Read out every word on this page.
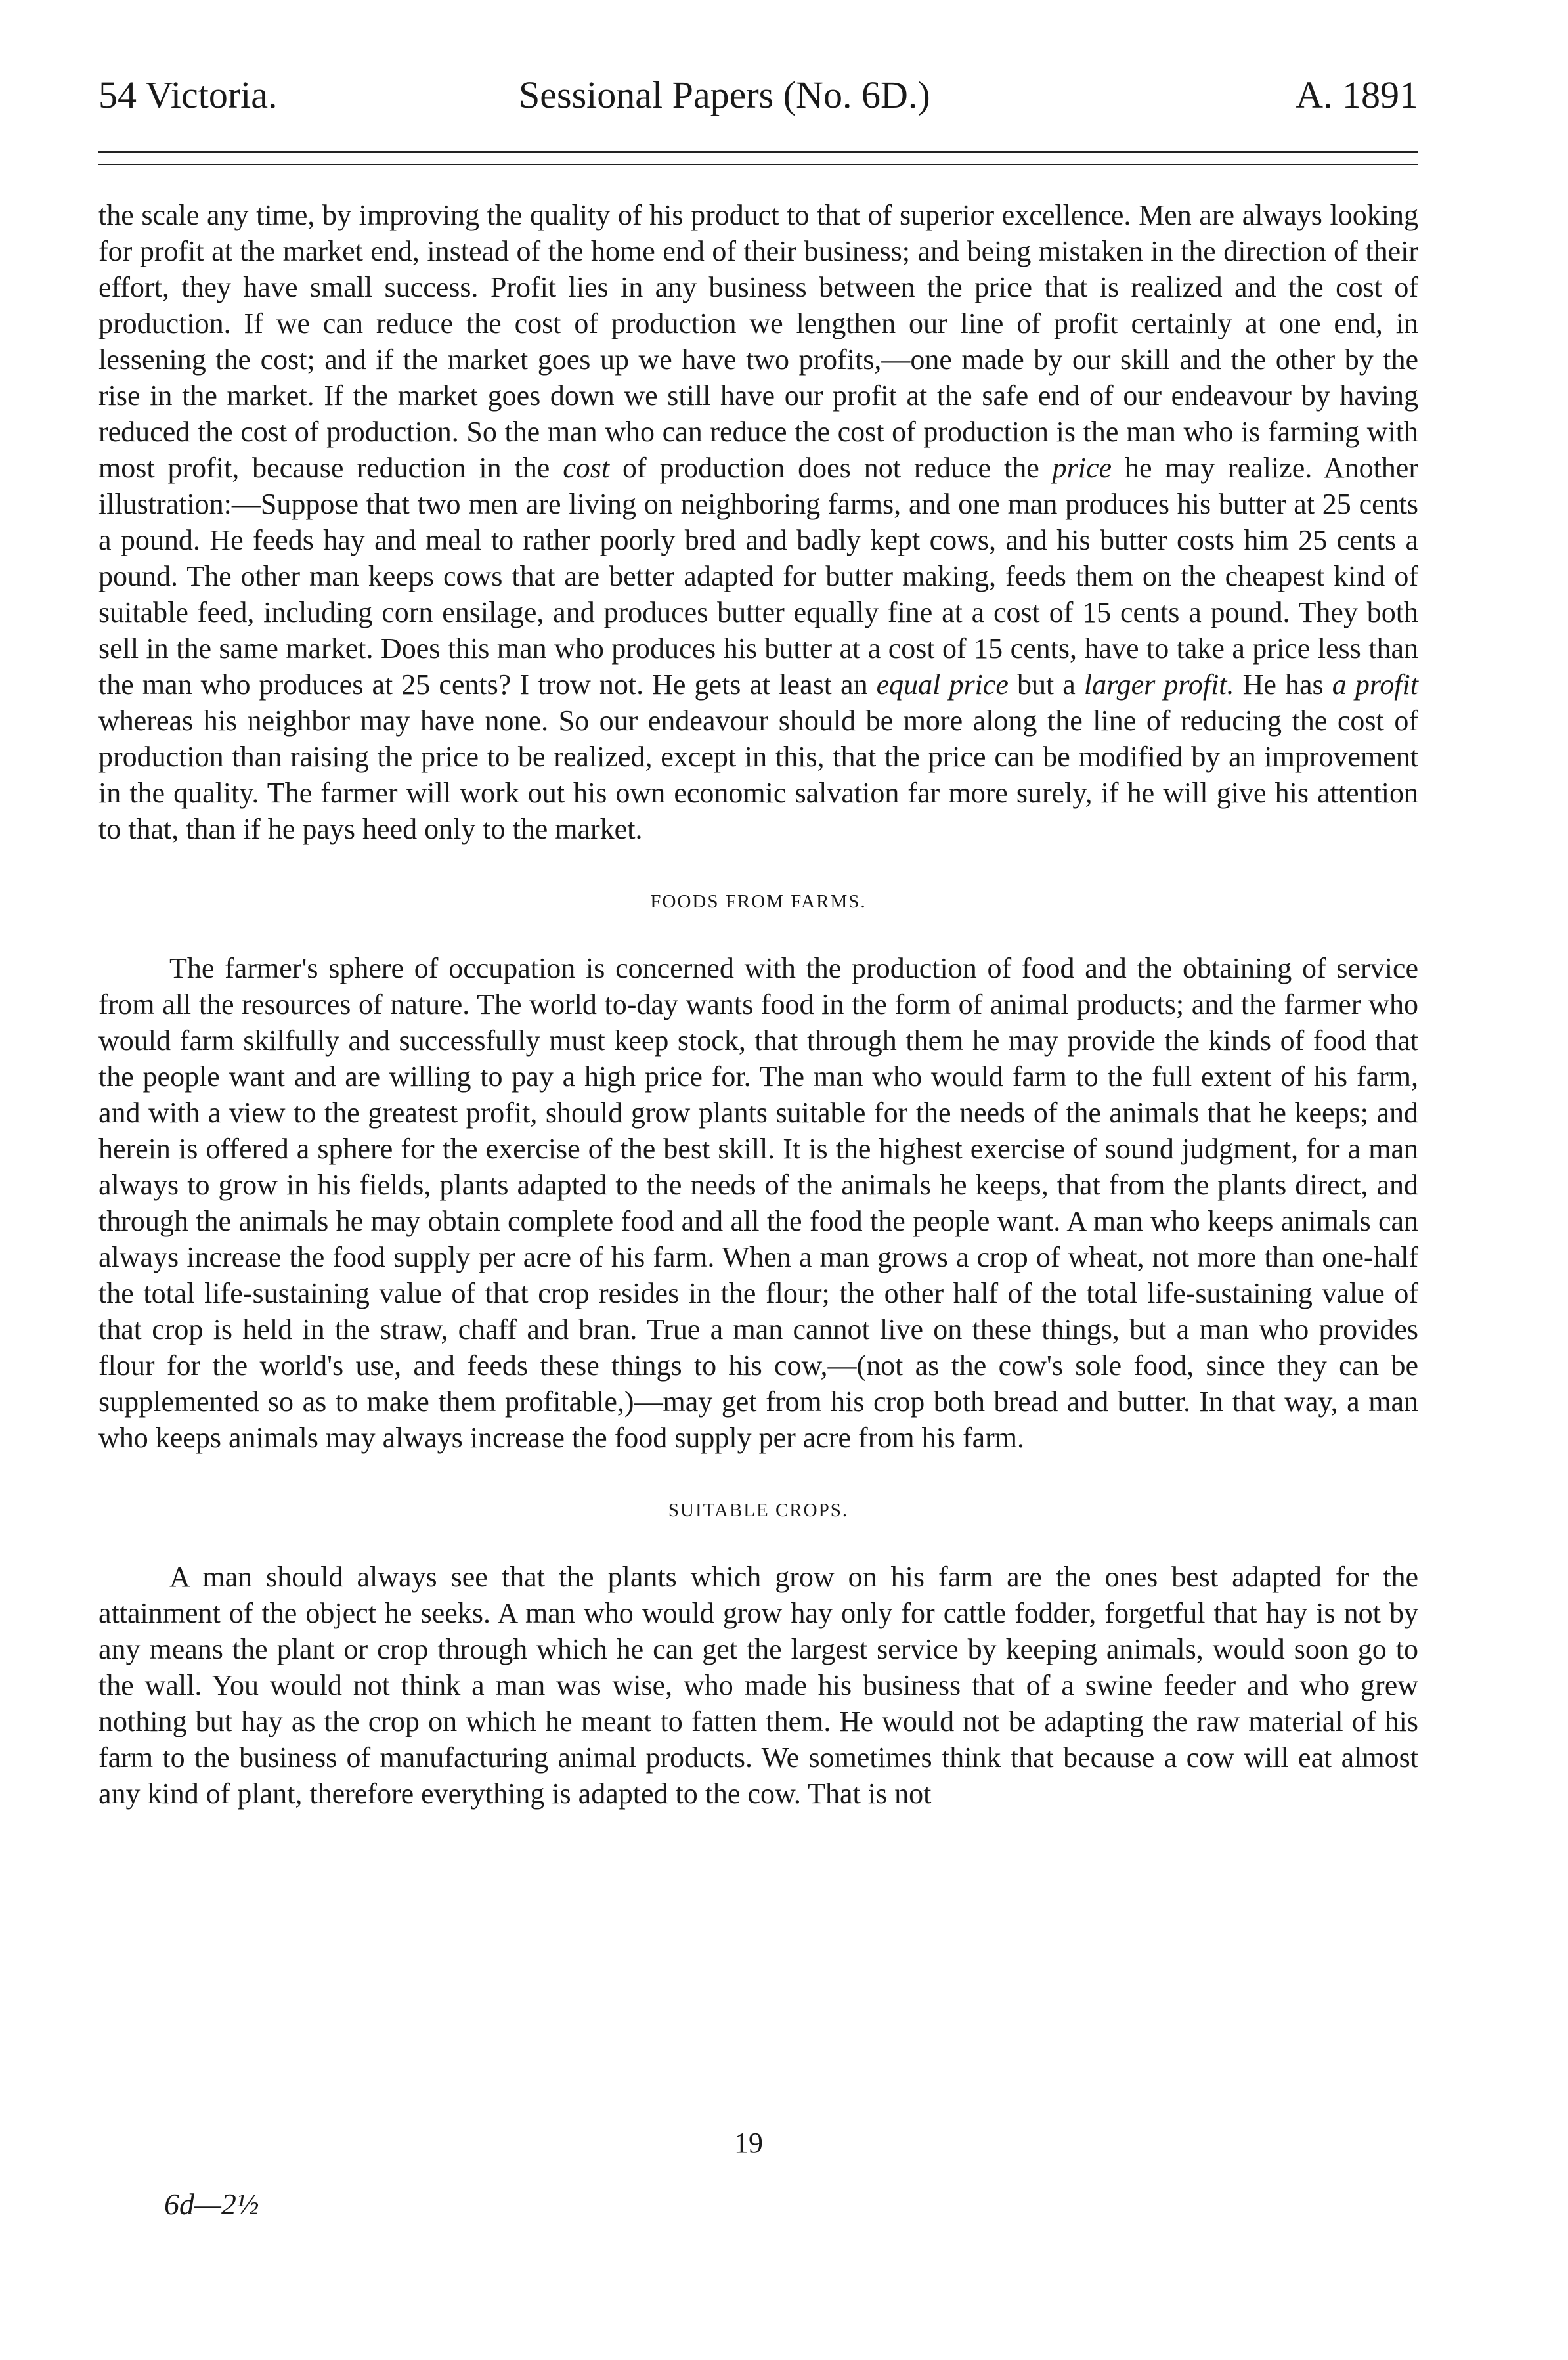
54 Victoria.	Sessional Papers (No. 6D.)	A. 1891

the scale any time, by improving the quality of his product to that of superior excellence. Men are always looking for profit at the market end, instead of the home end of their business; and being mistaken in the direction of their effort, they have small success. Profit lies in any business between the price that is realized and the cost of production. If we can reduce the cost of production we lengthen our line of profit certainly at one end, in lessening the cost; and if the market goes up we have two profits,—one made by our skill and the other by the rise in the market. If the market goes down we still have our profit at the safe end of our endeavour by having reduced the cost of production. So the man who can reduce the cost of production is the man who is farming with most profit, because reduction in the cost of production does not reduce the price he may realize. Another illustration:—Suppose that two men are living on neighboring farms, and one man produces his butter at 25 cents a pound. He feeds hay and meal to rather poorly bred and badly kept cows, and his butter costs him 25 cents a pound. The other man keeps cows that are better adapted for butter making, feeds them on the cheapest kind of suitable feed, including corn ensilage, and produces butter equally fine at a cost of 15 cents a pound. They both sell in the same market. Does this man who produces his butter at a cost of 15 cents, have to take a price less than the man who produces at 25 cents? I trow not. He gets at least an equal price but a larger profit. He has a profit whereas his neighbor may have none. So our endeavour should be more along the line of reducing the cost of production than raising the price to be realized, except in this, that the price can be modified by an improvement in the quality. The farmer will work out his own economic salvation far more surely, if he will give his attention to that, than if he pays heed only to the market.

FOODS FROM FARMS.

The farmer's sphere of occupation is concerned with the production of food and the obtaining of service from all the resources of nature. The world to-day wants food in the form of animal products; and the farmer who would farm skilfully and successfully must keep stock, that through them he may provide the kinds of food that the people want and are willing to pay a high price for. The man who would farm to the full extent of his farm, and with a view to the greatest profit, should grow plants suitable for the needs of the animals that he keeps; and herein is offered a sphere for the exercise of the best skill. It is the highest exercise of sound judgment, for a man always to grow in his fields, plants adapted to the needs of the animals he keeps, that from the plants direct, and through the animals he may obtain complete food and all the food the people want. A man who keeps animals can always increase the food supply per acre of his farm. When a man grows a crop of wheat, not more than one-half the total life-sustaining value of that crop resides in the flour; the other half of the total life-sustaining value of that crop is held in the straw, chaff and bran. True a man cannot live on these things, but a man who provides flour for the world's use, and feeds these things to his cow,—(not as the cow's sole food, since they can be supplemented so as to make them profitable,)—may get from his crop both bread and butter. In that way, a man who keeps animals may always increase the food supply per acre from his farm.

SUITABLE CROPS.

A man should always see that the plants which grow on his farm are the ones best adapted for the attainment of the object he seeks. A man who would grow hay only for cattle fodder, forgetful that hay is not by any means the plant or crop through which he can get the largest service by keeping animals, would soon go to the wall. You would not think a man was wise, who made his business that of a swine feeder and who grew nothing but hay as the crop on which he meant to fatten them. He would not be adapting the raw material of his farm to the business of manufacturing animal products. We sometimes think that because a cow will eat almost any kind of plant, therefore everything is adapted to the cow. That is not

19
6d—2½
